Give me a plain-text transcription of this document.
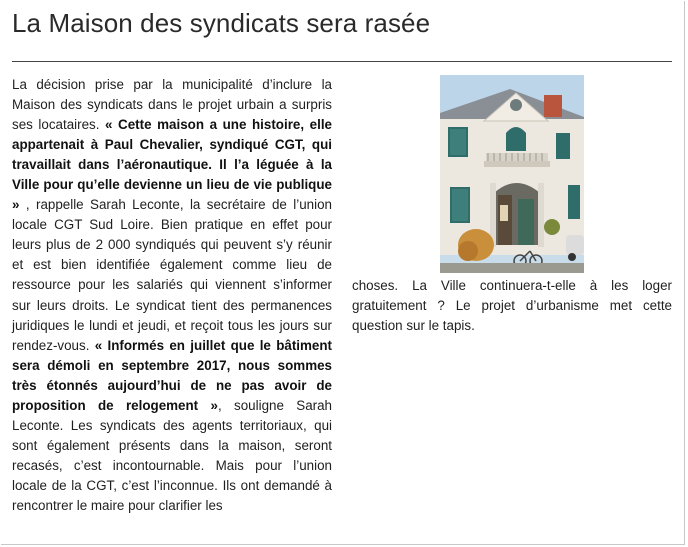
La Maison des syndicats sera rasée

La décision prise par la municipalité d’inclure la Maison des syndicats dans le projet urbain a surpris ses locataires. « Cette maison a une histoire, elle appartenait à Paul Chevalier, syndiqué CGT, qui travaillait dans l’aéronautique. Il l’a léguée à la Ville pour qu’elle devienne un lieu de vie publique » , rappelle Sarah Leconte, la secrétaire de l’union locale CGT Sud Loire. Bien pratique en effet pour leurs plus de 2 000 syndiqués qui peuvent s’y réunir et est bien identifiée également comme lieu de ressource pour les salariés qui viennent s’informer sur leurs droits. Le syndicat tient des permanences juridiques le lundi et jeudi, et reçoit tous les jours sur rendez-vous. « Informés en juillet que le bâtiment sera démoli en septembre 2017, nous sommes très étonnés aujourd’hui de ne pas avoir de proposition de relogement », souligne Sarah Leconte. Les syndicats des agents territoriaux, qui sont également présents dans la maison, seront recasés, c’est incontournable. Mais pour l’union locale de la CGT, c’est l’inconnue. Ils ont demandé à rencontrer le maire pour clarifier les

choses. La Ville continuera-t-elle à les loger gratuitement ? Le projet d’urbanisme met cette question sur le tapis.
